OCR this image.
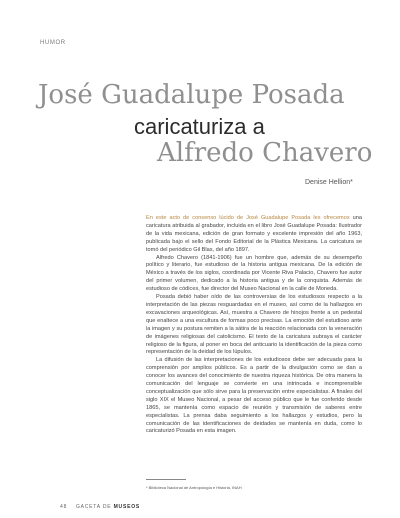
HUMOR
José Guadalupe Posada
caricaturiza a
Alfredo Chavero
Denise Hellion*

En este acto de consenso lúcido de José Guadalupe Posada les ofrecemos una caricatura atribuida al grabador, incluida en el libro José Guadalupe Posada: Ilustrador de la vida mexicana, edición de gran formato y excelente impresión del año 1963, publicada bajo el sello del Fondo Editorial de la Plástica Mexicana. La caricatura se tomó del periódico Gil Blas, del año 1897.

Alfredo Chavero (1841-1906) fue un hombre que, además de su desempeño político y literario, fue estudioso de la historia antigua mexicana. De la edición de México a través de los siglos, coordinada por Vicente Riva Palacio, Chavero fue autor del primer volumen, dedicado a la historia antigua y de la conquista. Además de estudioso de códices, fue director del Museo Nacional en la calle de Moneda.

Posada debió haber oído de las controversias de los estudiosos respecto a la interpretación de las piezas resguardadas en el museo, así como de la hallazgos en excavaciones arqueológicas. Así, muestra a Chavero de hinojos frente a un pedestal que enaltece a una escultura de formas poco precisas. La emoción del estudioso ante la imagen y su postura remiten a la sátira de la reacción relacionada con la veneración de imágenes religiosas del catolicismo. El texto de la caricatura subraya el carácter religioso de la figura, al poner en boca del anticuario la identificación de la pieza como representación de la deidad de los lúpulos.

La difusión de las interpretaciones de los estudiosos debe ser adecuada para la comprensión por amplios públicos. Es a partir de la divulgación como se dan a conocer los avances del conocimiento de nuestra riqueza histórica. De otra manera la comunicación del lenguaje se convierte en una intrincada e incomprensible conceptualización que sólo sirve para la preservación entre especialistas. A finales del siglo XIX el Museo Nacional, a pesar del acceso público que le fue conferido desde 1865, se mantenía como espacio de reunión y transmisión de saberes entre especialistas. La prensa daba seguimiento a los hallazgos y estudios, pero la comunicación de las identificaciones de deidades se mantenía en duda, como lo caricaturizó Posada en esta imagen.

* Biblioteca Nacional de Antropología e Historia, INAH
48 GACETA DE MUSEOS
